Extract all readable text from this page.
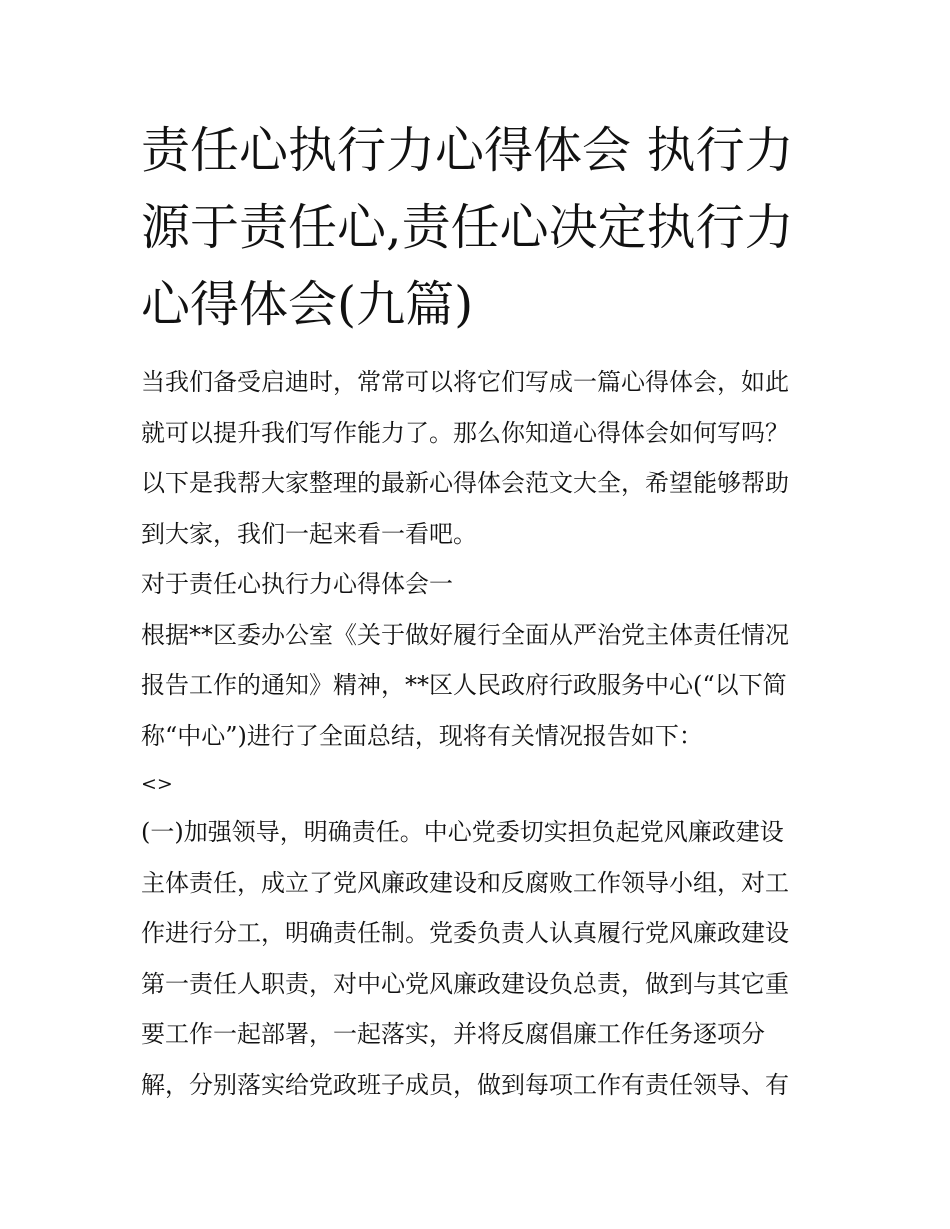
责任心执行力心得体会 执行力
源于责任心,责任心决定执行力
心得体会(九篇)

当我们备受启迪时，常常可以将它们写成一篇心得体会，如此
就可以提升我们写作能力了。那么你知道心得体会如何写吗？
以下是我帮大家整理的最新心得体会范文大全，希望能够帮助
到大家，我们一起来看一看吧。

对于责任心执行力心得体会一

根据**区委办公室《关于做好履行全面从严治党主体责任情况
报告工作的通知》精神，**区人民政府行政服务中心(“以下简
称“中心”)进行了全面总结，现将有关情况报告如下：

<>

(一)加强领导，明确责任。中心党委切实担负起党风廉政建设
主体责任，成立了党风廉政建设和反腐败工作领导小组，对工
作进行分工，明确责任制。党委负责人认真履行党风廉政建设
第一责任人职责，对中心党风廉政建设负总责，做到与其它重
要工作一起部署，一起落实，并将反腐倡廉工作任务逐项分
解，分别落实给党政班子成员，做到每项工作有责任领导、有
